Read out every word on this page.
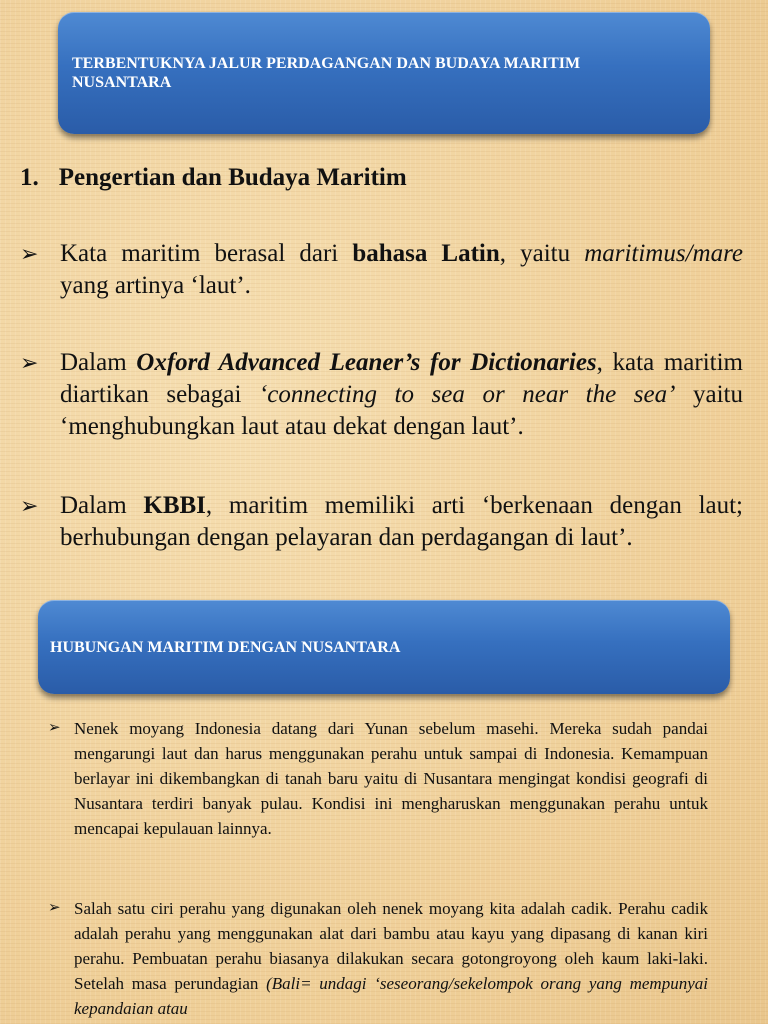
TERBENTUKNYA JALUR PERDAGANGAN DAN BUDAYA MARITIM NUSANTARA
1. Pengertian dan Budaya Maritim
➢ Kata maritim berasal dari bahasa Latin, yaitu maritimus/mare yang artinya ‘laut’.
➢ Dalam Oxford Advanced Leaner’s for Dictionaries, kata maritim diartikan sebagai ‘connecting to sea or near the sea’ yaitu ‘menghubungkan laut atau dekat dengan laut’.
➢ Dalam KBBI, maritim memiliki arti ‘berkenaan dengan laut; berhubungan dengan pelayaran dan perdagangan di laut’.
HUBUNGAN MARITIM DENGAN NUSANTARA
➢ Nenek moyang Indonesia datang dari Yunan sebelum masehi. Mereka sudah pandai mengarungi laut dan harus menggunakan perahu untuk sampai di Indonesia. Kemampuan berlayar ini dikembangkan di tanah baru yaitu di Nusantara mengingat kondisi geografi di Nusantara terdiri banyak pulau. Kondisi ini mengharuskan menggunakan perahu untuk mencapai kepulauan lainnya.
➢ Salah satu ciri perahu yang digunakan oleh nenek moyang kita adalah cadik. Perahu cadik adalah perahu yang menggunakan alat dari bambu atau kayu yang dipasang di kanan kiri perahu. Pembuatan perahu biasanya dilakukan secara gotongroyong oleh kaum laki-laki. Setelah masa perundagian (Bali= undagi ‘seseorang/sekelompok orang yang mempunyai kepandaian atau
